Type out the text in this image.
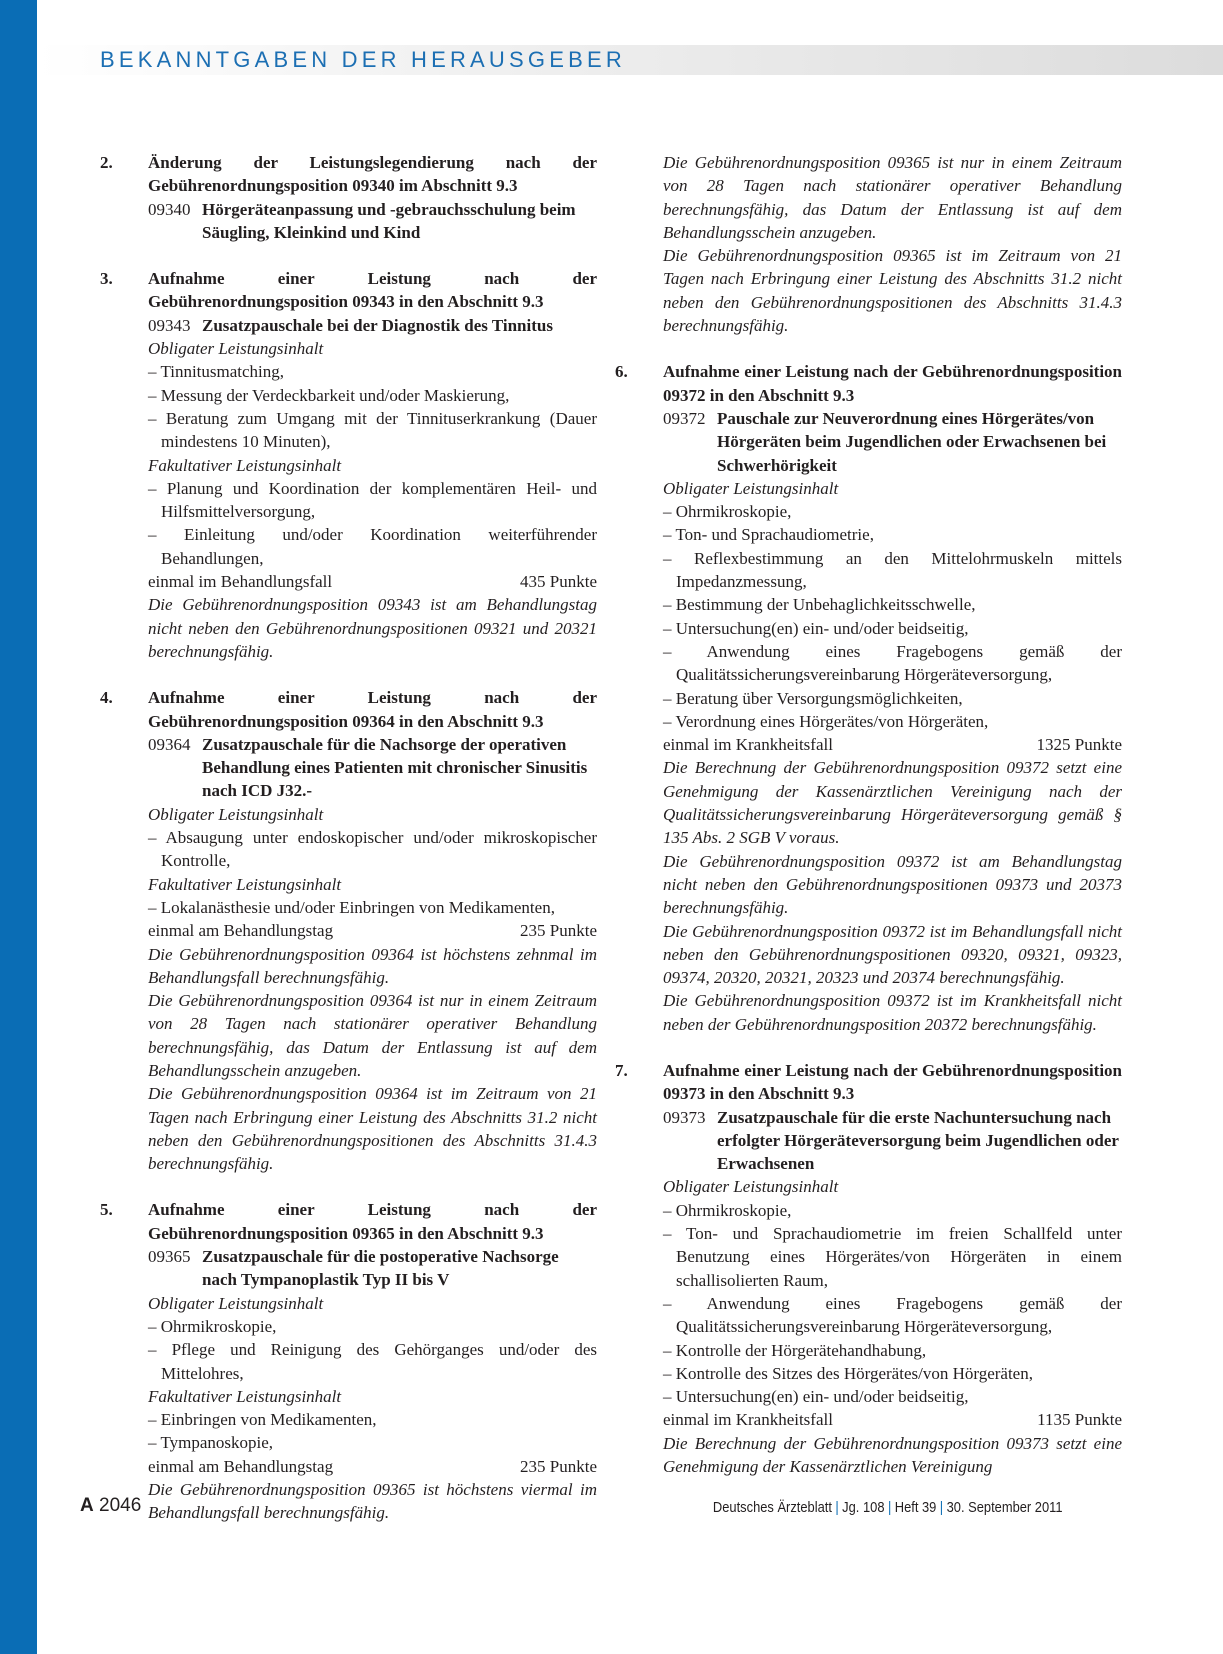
BEKANNTGABEN DER HERAUSGEBER
2.	Änderung der Leistungslegendierung nach der Gebührenordnungsposition 09340 im Abschnitt 9.3
09340 Hörgeräteanpassung und -gebrauchsschulung beim Säugling, Kleinkind und Kind
3.	Aufnahme einer Leistung nach der Gebührenordnungsposition 09343 in den Abschnitt 9.3
09343 Zusatzpauschale bei der Diagnostik des Tinnitus
Obligater Leistungsinhalt
– Tinnitusmatching,
– Messung der Verdeckbarkeit und/oder Maskierung,
– Beratung zum Umgang mit der Tinnituserkrankung (Dauer mindestens 10 Minuten),
Fakultativer Leistungsinhalt
– Planung und Koordination der komplementären Heil- und Hilfsmittelversorgung,
– Einleitung und/oder Koordination weiterführender Behandlungen,
einmal im Behandlungsfall	435 Punkte
Die Gebührenordnungsposition 09343 ist am Behandlungstag nicht neben den Gebührenordnungspositionen 09321 und 20321 berechnungsfähig.
4.	Aufnahme einer Leistung nach der Gebührenordnungsposition 09364 in den Abschnitt 9.3
09364 Zusatzpauschale für die Nachsorge der operativen Behandlung eines Patienten mit chronischer Sinusitis nach ICD J32.-
Obligater Leistungsinhalt
– Absaugung unter endoskopischer und/oder mikroskopischer Kontrolle,
Fakultativer Leistungsinhalt
– Lokalanästhesie und/oder Einbringen von Medikamenten,
einmal am Behandlungstag	235 Punkte
Die Gebührenordnungsposition 09364 ist höchstens zehnmal im Behandlungsfall berechnungsfähig.
Die Gebührenordnungsposition 09364 ist nur in einem Zeitraum von 28 Tagen nach stationärer operativer Behandlung berechnungsfähig, das Datum der Entlassung ist auf dem Behandlungsschein anzugeben.
Die Gebührenordnungsposition 09364 ist im Zeitraum von 21 Tagen nach Erbringung einer Leistung des Abschnitts 31.2 nicht neben den Gebührenordnungspositionen des Abschnitts 31.4.3 berechnungsfähig.
5.	Aufnahme einer Leistung nach der Gebührenordnungsposition 09365 in den Abschnitt 9.3
09365 Zusatzpauschale für die postoperative Nachsorge nach Tympanoplastik Typ II bis V
Obligater Leistungsinhalt
– Ohrmikroskopie,
– Pflege und Reinigung des Gehörganges und/oder des Mittelohres,
Fakultativer Leistungsinhalt
– Einbringen von Medikamenten,
– Tympanoskopie,
einmal am Behandlungstag	235 Punkte
Die Gebührenordnungsposition 09365 ist höchstens viermal im Behandlungsfall berechnungsfähig.
Die Gebührenordnungsposition 09365 ist nur in einem Zeitraum von 28 Tagen nach stationärer operativer Behandlung berechnungsfähig, das Datum der Entlassung ist auf dem Behandlungsschein anzugeben.
Die Gebührenordnungsposition 09365 ist im Zeitraum von 21 Tagen nach Erbringung einer Leistung des Abschnitts 31.2 nicht neben den Gebührenordnungspositionen des Abschnitts 31.4.3 berechnungsfähig.
6.	Aufnahme einer Leistung nach der Gebührenordnungsposition 09372 in den Abschnitt 9.3
09372 Pauschale zur Neuverordnung eines Hörgerätes/von Hörgeräten beim Jugendlichen oder Erwachsenen bei Schwerhörigkeit
Obligater Leistungsinhalt
– Ohrmikroskopie,
– Ton- und Sprachaudiometrie,
– Reflexbestimmung an den Mittelohrmuskeln mittels Impedanzmessung,
– Bestimmung der Unbehaglichkeitsschwelle,
– Untersuchung(en) ein- und/oder beidseitig,
– Anwendung eines Fragebogens gemäß der Qualitätssicherungsvereinbarung Hörgeräteversorgung,
– Beratung über Versorgungsmöglichkeiten,
– Verordnung eines Hörgerätes/von Hörgeräten,
einmal im Krankheitsfall	1325 Punkte
Die Berechnung der Gebührenordnungsposition 09372 setzt eine Genehmigung der Kassenärztlichen Vereinigung nach der Qualitätssicherungsvereinbarung Hörgeräteversorgung gemäß § 135 Abs. 2 SGB V voraus.
Die Gebührenordnungsposition 09372 ist am Behandlungstag nicht neben den Gebührenordnungspositionen 09373 und 20373 berechnungsfähig.
Die Gebührenordnungsposition 09372 ist im Behandlungsfall nicht neben den Gebührenordnungspositionen 09320, 09321, 09323, 09374, 20320, 20321, 20323 und 20374 berechnungsfähig.
Die Gebührenordnungsposition 09372 ist im Krankheitsfall nicht neben der Gebührenordnungsposition 20372 berechnungsfähig.
7.	Aufnahme einer Leistung nach der Gebührenordnungsposition 09373 in den Abschnitt 9.3
09373 Zusatzpauschale für die erste Nachuntersuchung nach erfolgter Hörgeräteversorgung beim Jugendlichen oder Erwachsenen
Obligater Leistungsinhalt
– Ohrmikroskopie,
– Ton- und Sprachaudiometrie im freien Schallfeld unter Benutzung eines Hörgerätes/von Hörgeräten in einem schallisolierten Raum,
– Anwendung eines Fragebogens gemäß der Qualitätssicherungsvereinbarung Hörgeräteversorgung,
– Kontrolle der Hörgerätehandhabung,
– Kontrolle des Sitzes des Hörgerätes/von Hörgeräten,
– Untersuchung(en) ein- und/oder beidseitig,
einmal im Krankheitsfall	1135 Punkte
Die Berechnung der Gebührenordnungsposition 09373 setzt eine Genehmigung der Kassenärztlichen Vereinigung
A 2046	Deutsches Ärzteblatt | Jg. 108 | Heft 39 | 30. September 2011
